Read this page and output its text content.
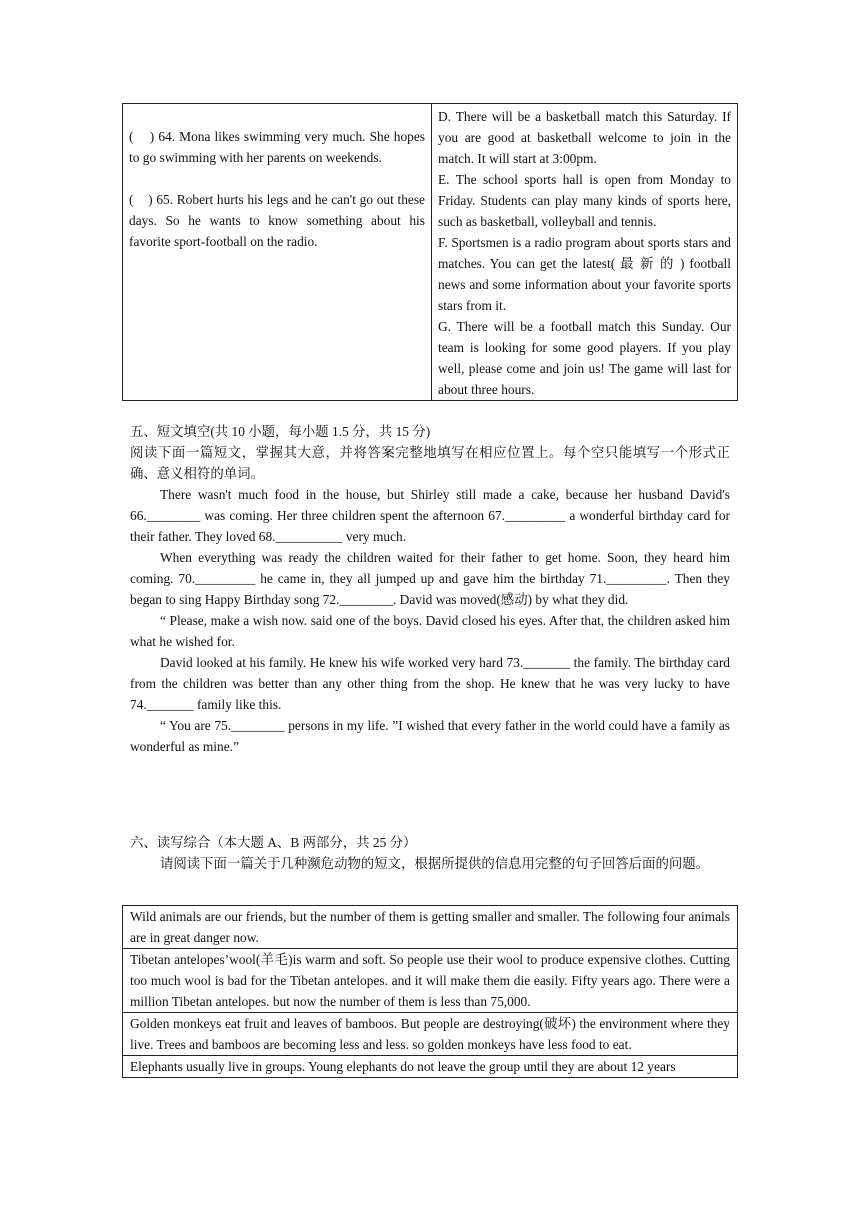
(    ) 64. Mona likes swimming very much. She hopes to go swimming with her parents on weekends.

(    ) 65. Robert hurts his legs and he can't go out these days. So he wants to know something about his favorite sport-football on the radio.

D. There will be a basketball match this Saturday. If you are good at basketball welcome to join in the match. It will start at 3:00pm.

E. The school sports hall is open from Monday to Friday. Students can play many kinds of sports here, such as basketball, volleyball and tennis.

F. Sportsmen is a radio program about sports stars and matches. You can get the latest( 最 新 的 ) football news and some information about your favorite sports stars from it.

G. There will be a football match this Sunday. Our team is looking for some good players. If you play well, please come and join us! The game will last for about three hours.

五、短文填空(共 10 小题，每小题 1.5 分，共 15 分)

阅读下面一篇短文，掌握其大意，并将答案完整地填写在相应位置上。每个空只能填写一个形式正确、意义相符的单词。

There wasn't much food in the house, but Shirley still made a cake, because her husband David's 66.________ was coming. Her three children spent the afternoon 67._________ a wonderful birthday card for their father. They loved 68.__________ very much.

When everything was ready the children waited for their father to get home. Soon, they heard him coming. 70._________ he came in, they all jumped up and gave him the birthday 71._________. Then they began to sing Happy Birthday song 72.________. David was moved(感动) by what they did.

“ Please, make a wish now. said one of the boys. David closed his eyes. After that, the children asked him what he wished for.

David looked at his family. He knew his wife worked very hard 73._______ the family. The birthday card from the children was better than any other thing from the shop. He knew that he was very lucky to have 74._______ family like this.

“ You are 75.________ persons in my life. ”I wished that every father in the world could have a family as wonderful as mine.”

六、读写综合（本大题 A、B 两部分，共 25 分）

请阅读下面一篇关于几种濒危动物的短文，根据所提供的信息用完整的句子回答后面的问题。

Wild animals are our friends, but the number of them is getting smaller and smaller. The following four animals are in great danger now.
Tibetan antelopes’wool(羊毛)is warm and soft. So people use their wool to produce expensive clothes. Cutting too much wool is bad for the Tibetan antelopes. and it will make them die easily. Fifty years ago. There were a million Tibetan antelopes. but now the number of them is less than 75,000.
Golden monkeys eat fruit and leaves of bamboos. But people are destroying(破坏) the environment where they live. Trees and bamboos are becoming less and less. so golden monkeys have less food to eat.
Elephants usually live in groups. Young elephants do not leave the group until they are about 12 years
